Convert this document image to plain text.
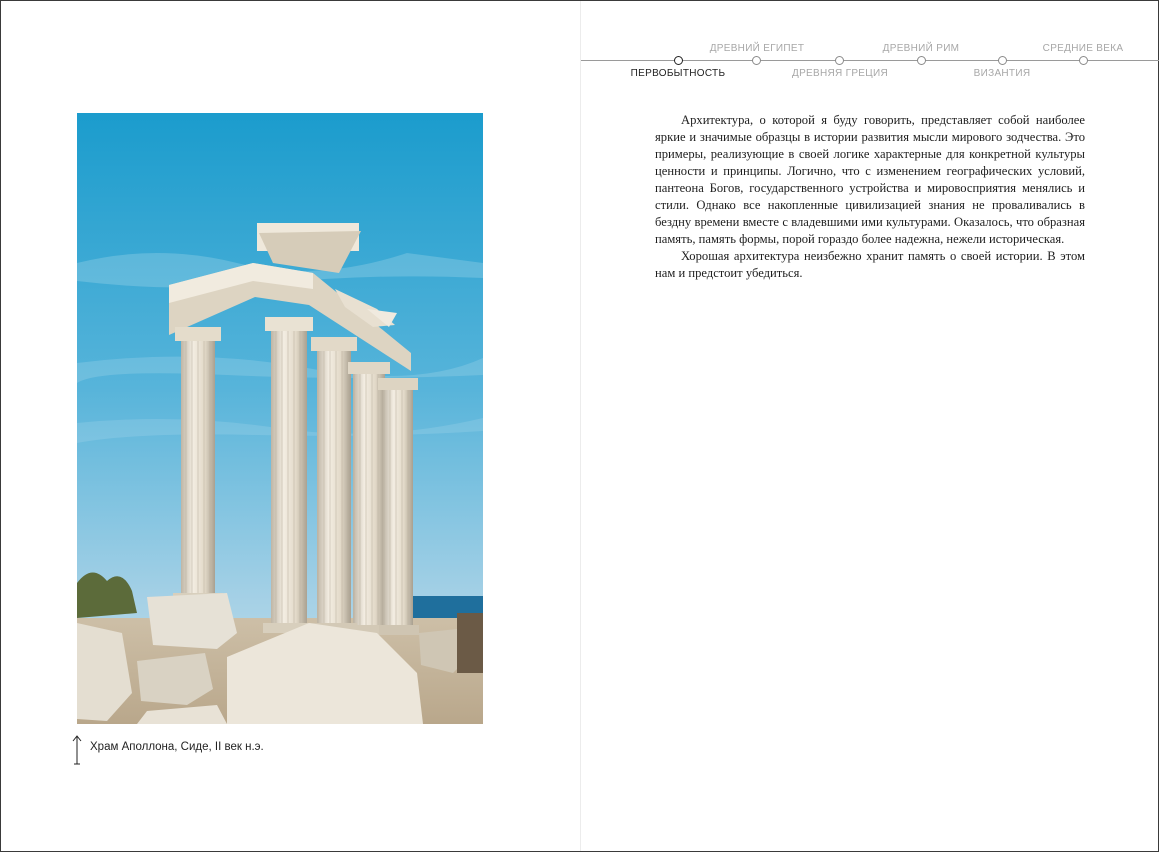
Храм Аполлона, Сиде, II век н.э.
ПЕРВОБЫТНОСТЬ
ДРЕВНИЙ ЕГИПЕТ
ДРЕВНЯЯ ГРЕЦИЯ
ДРЕВНИЙ РИМ
ВИЗАНТИЯ
СРЕДНИЕ ВЕКА

Архитектура, о которой я буду говорить, представляет собой наиболее яркие и значимые образцы в истории развития мысли мирового зодчества. Это примеры, реализующие в своей логике характерные для конкретной культуры ценности и принципы. Логично, что с изменением географических условий, пантеона Богов, государственного устройства и мировосприятия менялись и стили. Однако все накопленные цивилизацией знания не проваливались в бездну времени вместе с владевшими ими культурами. Оказалось, что образная память, память формы, порой гораздо более надежна, нежели историческая.

Хорошая архитектура неизбежно хранит память о своей истории. В этом нам и предстоит убедиться.
